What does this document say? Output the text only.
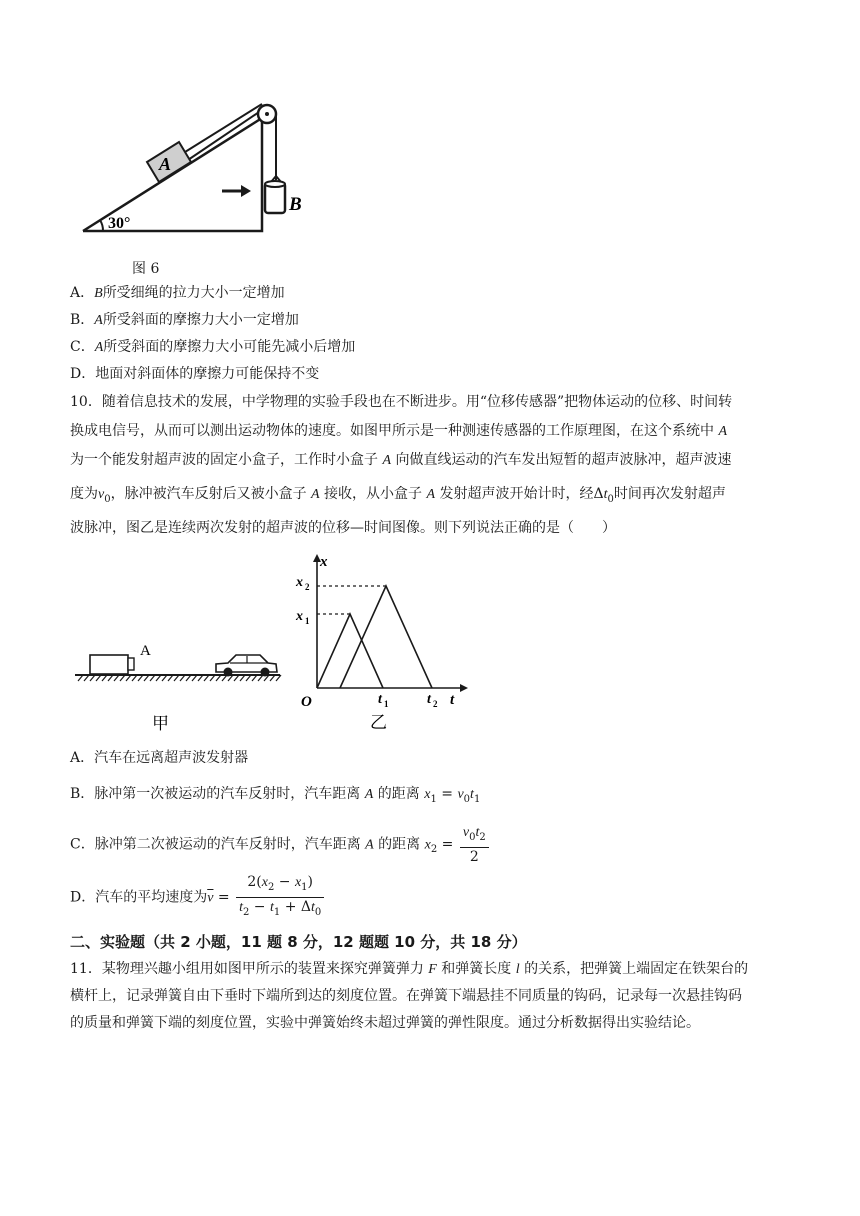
A
B
30°
图 6
A．B所受细绳的拉力大小一定增加
B．A所受斜面的摩擦力大小一定增加
C．A所受斜面的摩擦力大小可能先减小后增加
D．地面对斜面体的摩擦力可能保持不变
10．随着信息技术的发展，中学物理的实验手段也在不断进步。用“位移传感器”把物体运动的位移、时间转
换成电信号，从而可以测出运动物体的速度。如图甲所示是一种测速传感器的工作原理图，在这个系统中 A
为一个能发射超声波的固定小盒子，工作时小盒子 A 向做直线运动的汽车发出短暂的超声波脉冲，超声波速
度为$v_0$，脉冲被汽车反射后又被小盒子 A 接收，从小盒子 A 发射超声波开始计时，经$\Delta t_0$时间再次发射超声
波脉冲，图乙是连续两次发射的超声波的位移—时间图像。则下列说法正确的是（　　）
A
甲
x
t
O
x 1
x 2
t 1	t 2
乙
A．汽车在远离超声波发射器
B．脉冲第一次被运动的汽车反射时，汽车距离 A 的距离 $x_1 = v_0t_1$
C．脉冲第二次被运动的汽车反射时，汽车距离 A 的距离 $x_2 = \frac{v_0t_2}{2}$
D．汽车的平均速度为$\overline{v} = \frac{2(x_2 - x_1)}{t_2 - t_1 + \Delta t_0}$
二、实验题（共 2 小题，11 题 8 分，12 题题 10 分，共 18 分）
11．某物理兴趣小组用如图甲所示的装置来探究弹簧弹力 F 和弹簧长度 l 的关系，把弹簧上端固定在铁架台的
横杆上，记录弹簧自由下垂时下端所到达的刻度位置。在弹簧下端悬挂不同质量的钩码，记录每一次悬挂钩码
的质量和弹簧下端的刻度位置，实验中弹簧始终未超过弹簧的弹性限度。通过分析数据得出实验结论。
